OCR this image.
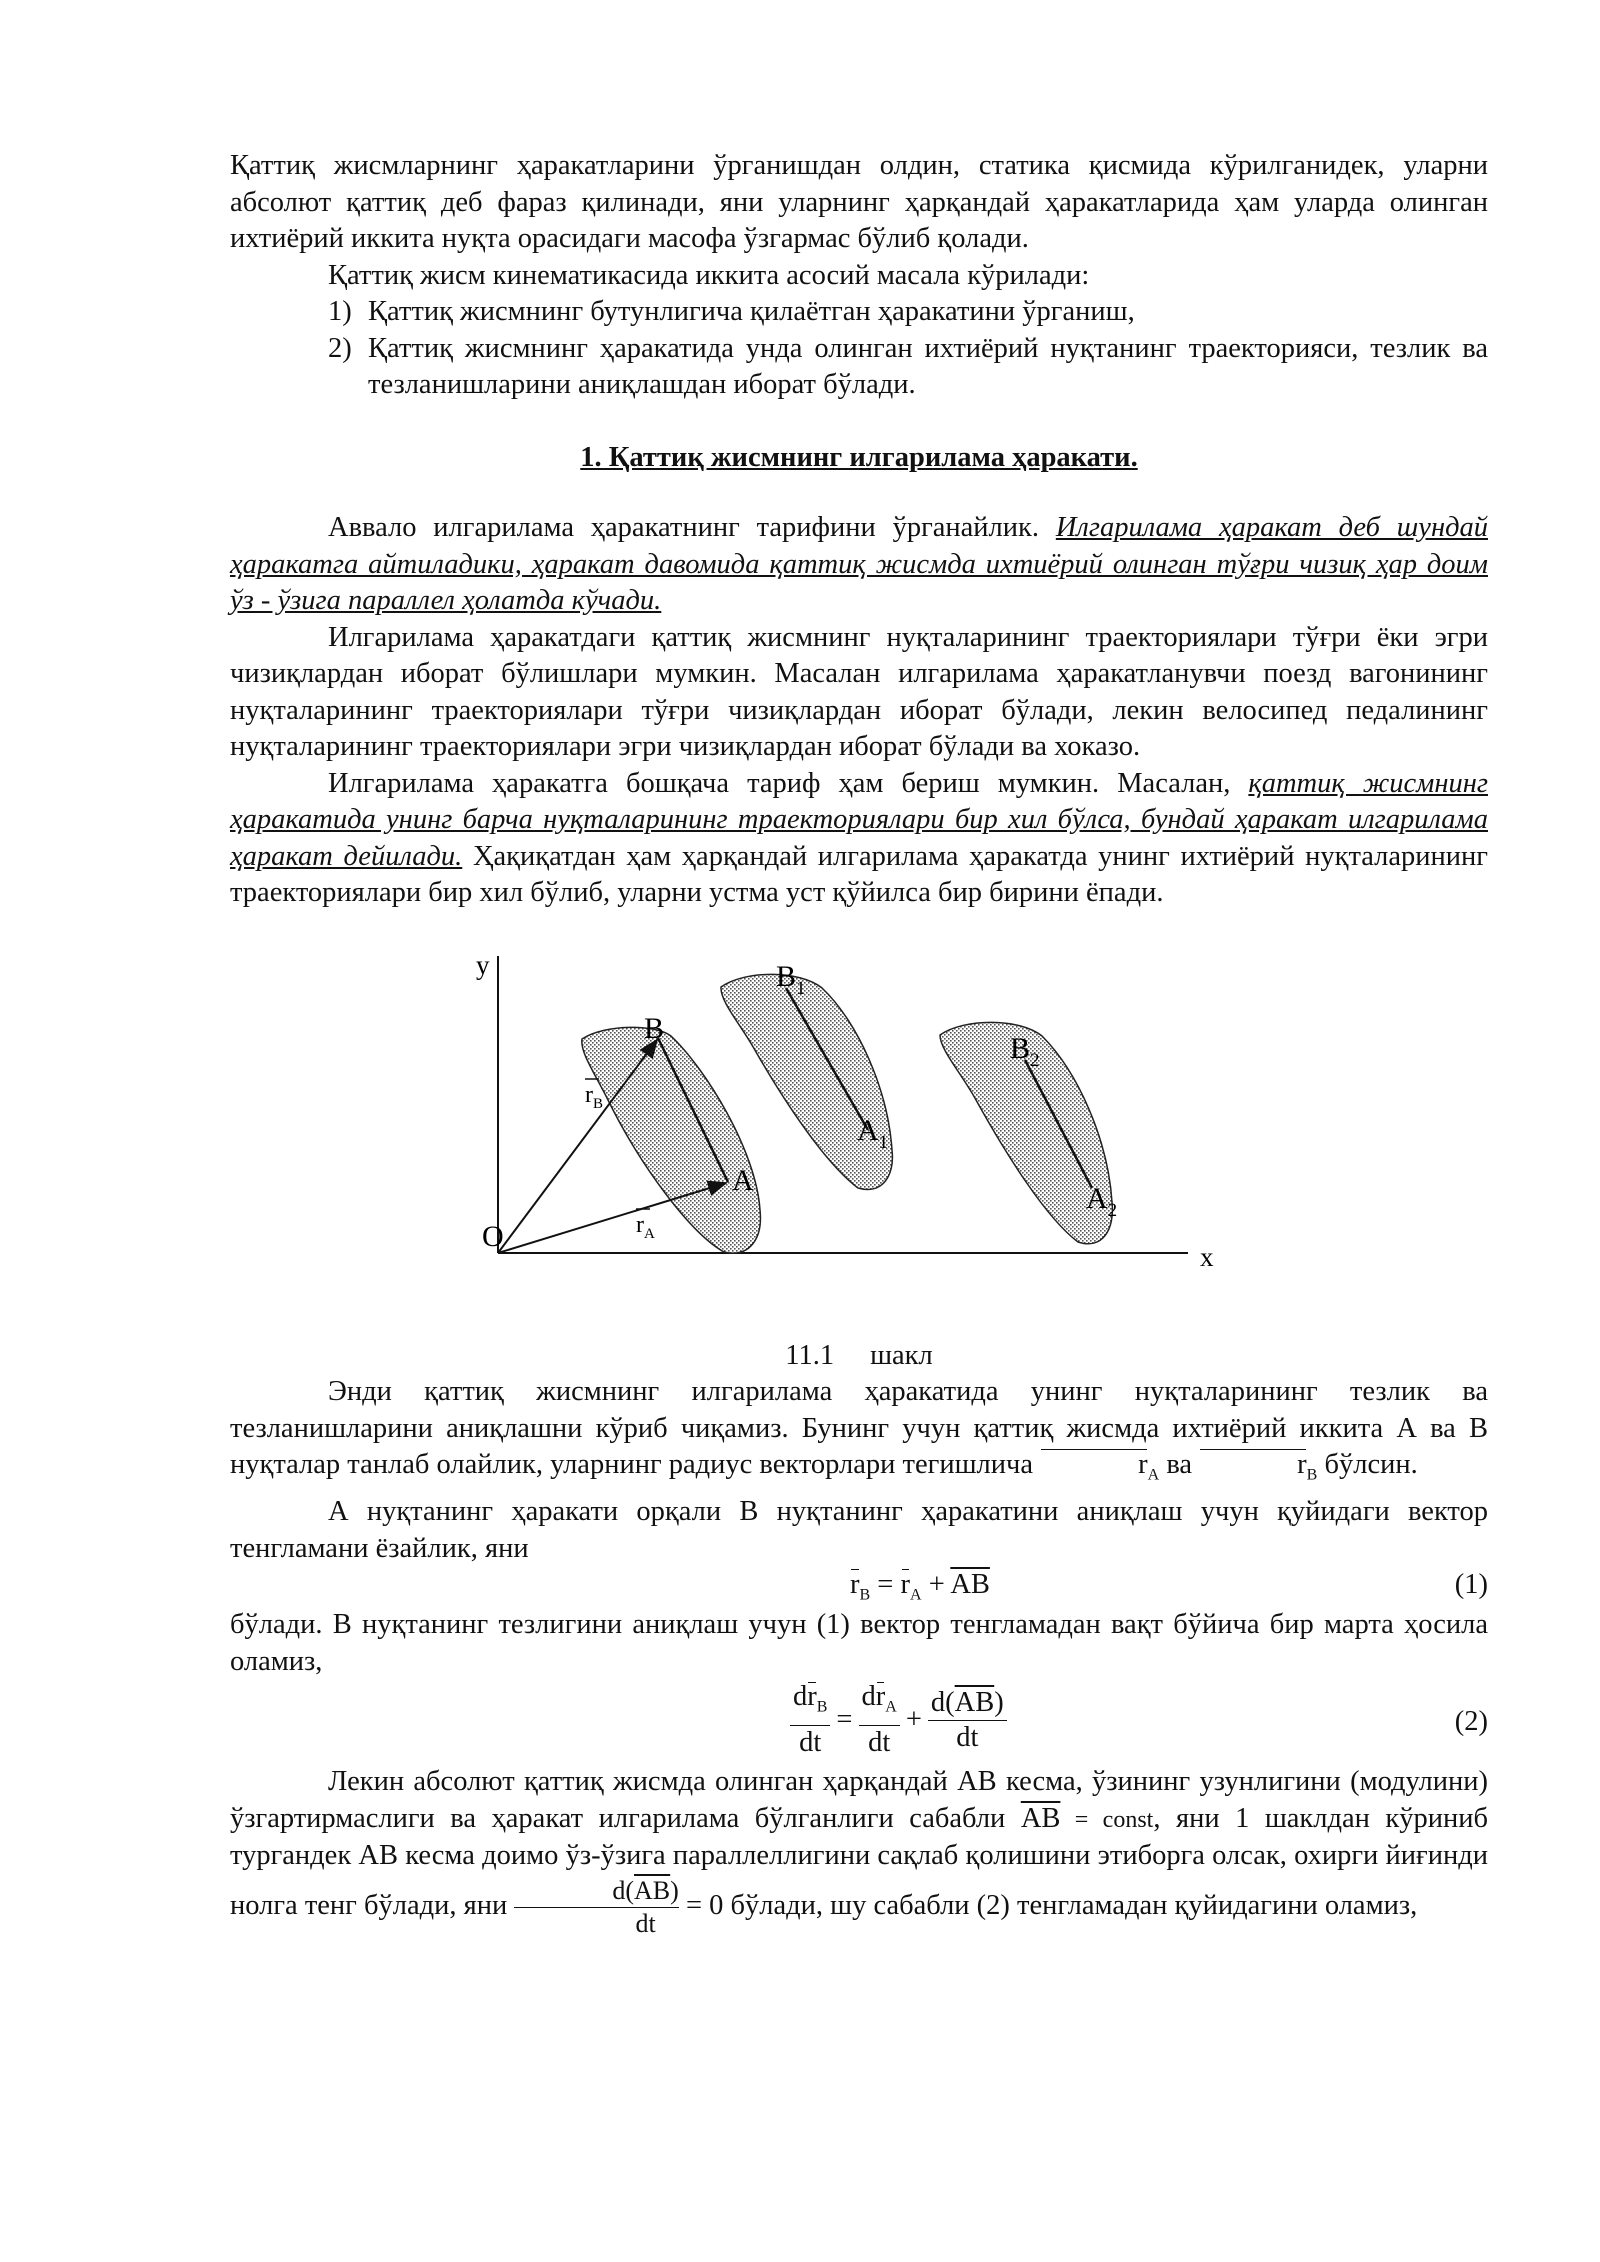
Қаттиқ жисмларнинг ҳаракатларини ўрганишдан олдин, статика қисмида кўрилганидек, уларни абсолют қаттиқ деб фараз қилинади, яни уларнинг ҳарқандай ҳаракатларида ҳам уларда олинган ихтиёрий иккита нуқта орасидаги масофа ўзгармас бўлиб қолади.

Қаттиқ жисм кинематикасида иккита асосий масала кўрилади:

1) Қаттиқ жисмнинг бутунлигича қилаётган ҳаракатини ўрганиш,

2) Қаттиқ жисмнинг ҳаракатида унда олинган ихтиёрий нуқтанинг траекторияси, тезлик ва тезланишларини аниқлашдан иборат бўлади.

1. Қаттиқ жисмнинг илгарилама ҳаракати.

Аввало илгарилама ҳаракатнинг тарифини ўрганайлик. Илгарилама ҳаракат деб шундай ҳаракатга айтиладики, ҳаракат давомида қаттиқ жисмда ихтиёрий олинган тўғри чизиқ ҳар доим ўз - ўзига параллел ҳолатда кўчади.

Илгарилама ҳаракатдаги қаттиқ жисмнинг нуқталарининг траекториялари тўғри ёки эгри чизиқлардан иборат бўлишлари мумкин. Масалан илгарилама ҳаракатланувчи поезд вагонининг нуқталарининг траекториялари тўғри чизиқлардан иборат бўлади, лекин велосипед педалининг нуқталарининг траекториялари эгри чизиқлардан иборат бўлади ва хоказо.

Илгарилама ҳаракатга бошқача тариф ҳам бериш мумкин. Масалан, қаттиқ жисмнинг ҳаракатида унинг барча нуқталарининг траекториялари бир хил бўлса, бундай ҳаракат илгарилама ҳаракат дейилади. Ҳақиқатдан ҳам ҳарқандай илгарилама ҳаракатда унинг ихтиёрий нуқталарининг траекториялари бир хил бўлиб, уларни устма уст қўйилса бир бирини ёпади.

y
x
O
B
A
$B_1$
$A_1$
$B_2$
$A_2$
$r_B$
$r_A$

11.1 шакл

Энди қаттиқ жисмнинг илгарилама ҳаракатида унинг нуқталарининг тезлик ва тезланишларини аниқлашни кўриб чиқамиз. Бунинг учун қаттиқ жисмда ихтиёрий иккита А ва В нуқталар танлаб олайлик, уларнинг радиус векторлари тегишлича	$r_A$ ва	$r_B$ бўлсин.

А нуқтанинг ҳаракати орқали В нуқтанинг ҳаракатини аниқлаш учун қуйидаги вектор тенгламани ёзайлик, яни

$r_B = r_A + \overline{AB}$	(1)

бўлади. В нуқтанинг тезлигини аниқлаш учун (1) вектор тенгламадан вақт бўйича бир марта ҳосила оламиз,

$\frac{dr_B}{dt} = \frac{dr_A}{dt} + \frac{d(\overline{AB})}{dt}$	(2)

Лекин абсолют қаттиқ жисмда олинган ҳарқандай АВ кесма, ўзининг узунлигини (модулини) ўзгартирмаслиги ва ҳаракат илгарилама бўлганлиги сабабли $\overline{AB}$ = const, яни 1 шаклдан кўриниб тургандек АВ кесма доимо ўз-ўзига параллеллигини сақлаб қолишини этиборга олсак, охирги йиғинди нолга тенг бўлади, яни $\frac{d(\overline{AB})}{dt} = 0$ бўлади, шу сабабли (2) тенгламадан қуйидагини оламиз,
